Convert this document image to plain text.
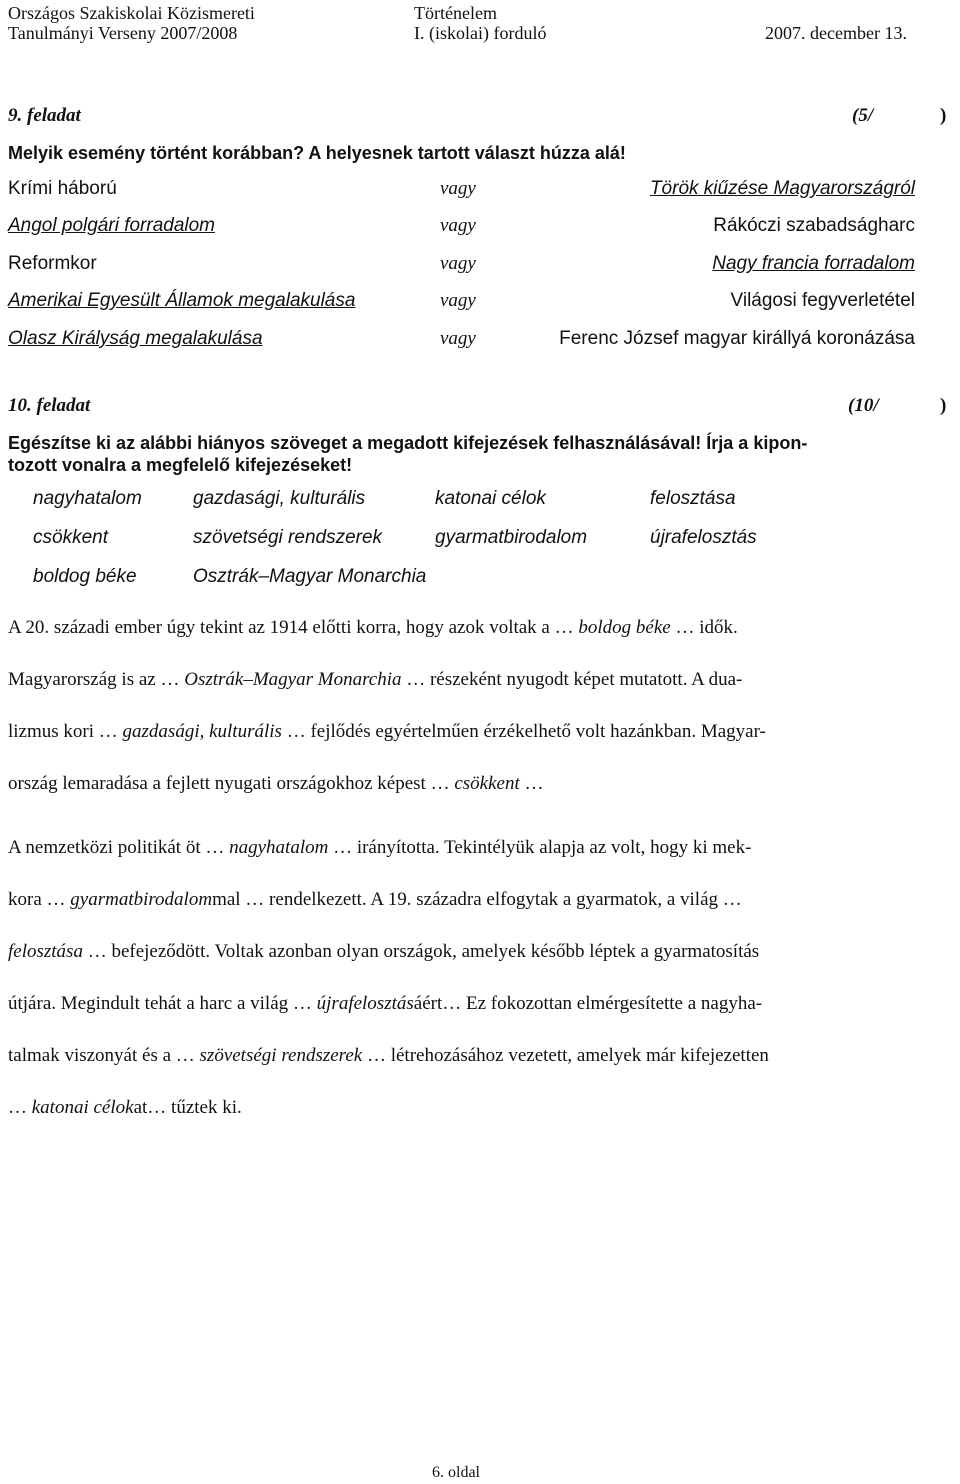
Országos Szakiskolai Közismereti
Tanulmányi Verseny 2007/2008
Történelem
I. (iskolai) forduló	2007. december 13.
9. feladat	(5/	)
Melyik esemény történt korábban? A helyesnek tartott választ húzza alá!
Krími háború	vagy	Török kiűzése Magyarországról
Angol polgári forradalom	vagy	Rákóczi szabadságharc
Reformkor	vagy	Nagy francia forradalom
Amerikai Egyesült Államok megalakulása	vagy	Világosi fegyverletétel
Olasz Királyság megalakulása	vagy	Ferenc József magyar királlyá koronázása
10. feladat	(10/	)
Egészítse ki az alábbi hiányos szöveget a megadott kifejezések felhasználásával! Írja a kipon-
tozott vonalra a megfelelő kifejezéseket!
nagyhatalom	gazdasági, kulturális	katonai célok	felosztása
csökkent	szövetségi rendszerek	gyarmatbirodalom	újrafelosztás
boldog béke	Osztrák–Magyar Monarchia
A 20. századi ember úgy tekint az 1914 előtti korra, hogy azok voltak a … boldog béke … idők.
Magyarország is az … Osztrák–Magyar Monarchia … részeként nyugodt képet mutatott. A dua-
lizmus kori … gazdasági, kulturális … fejlődés egyértelműen érzékelhető volt hazánkban. Magyar-
ország lemaradása a fejlett nyugati országokhoz képest … csökkent …
A nemzetközi politikát öt … nagyhatalom … irányította. Tekintélyük alapja az volt, hogy ki mek-
kora … gyarmatbirodalommal … rendelkezett. A 19. századra elfogytak a gyarmatok, a világ …
felosztása … befejeződött. Voltak azonban olyan országok, amelyek később léptek a gyarmatosítás
útjára. Megindult tehát a harc a világ … újrafelosztásáért… Ez fokozottan elmérgesítette a nagyha-
talmak viszonyát és a … szövetségi rendszerek … létrehozásához vezetett, amelyek már kifejezetten
… katonai célokat… tűztek ki.
6. oldal
